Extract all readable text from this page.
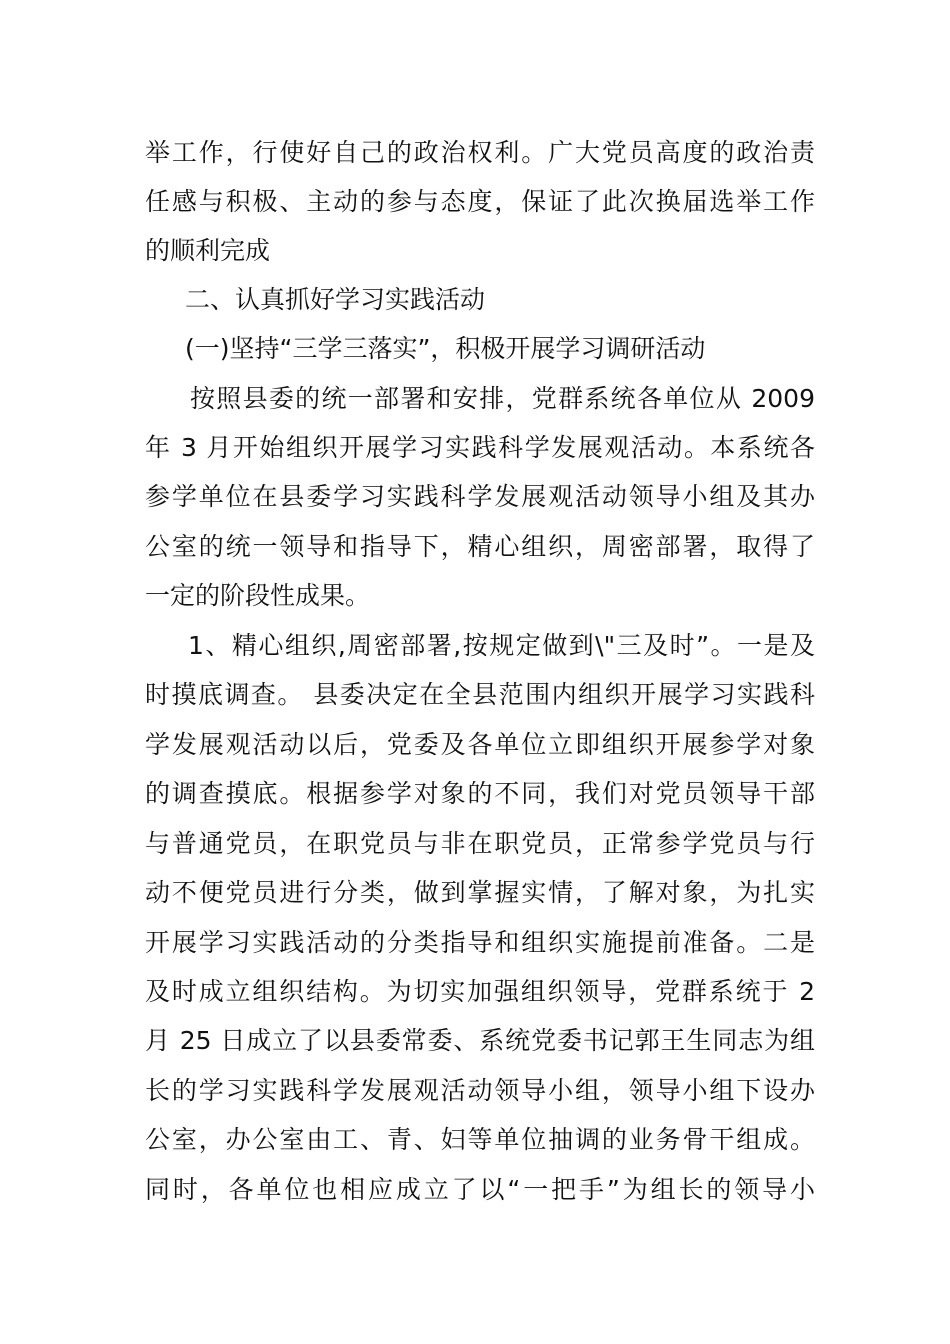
举工作，行使好自己的政治权利。广大党员高度的政治责
任感与积极、主动的参与态度，保证了此次换届选举工作
的顺利完成
二、认真抓好学习实践活动
(一)坚持“三学三落实”，积极开展学习调研活动
按照县委的统一部署和安排，党群系统各单位从 2009
年 3 月开始组织开展学习实践科学发展观活动。本系统各
参学单位在县委学习实践科学发展观活动领导小组及其办
公室的统一领导和指导下，精心组织，周密部署，取得了
一定的阶段性成果。
1、精心组织,周密部署,按规定做到\"三及时”。一是及
时摸底调查。 县委决定在全县范围内组织开展学习实践科
学发展观活动以后，党委及各单位立即组织开展参学对象
的调查摸底。根据参学对象的不同，我们对党员领导干部
与普通党员，在职党员与非在职党员，正常参学党员与行
动不便党员进行分类，做到掌握实情，了解对象，为扎实
开展学习实践活动的分类指导和组织实施提前准备。二是
及时成立组织结构。为切实加强组织领导，党群系统于 2
月 25 日成立了以县委常委、系统党委书记郭王生同志为组
长的学习实践科学发展观活动领导小组，领导小组下设办
公室，办公室由工、青、妇等单位抽调的业务骨干组成。
同时，各单位也相应成立了以“一把手”为组长的领导小
